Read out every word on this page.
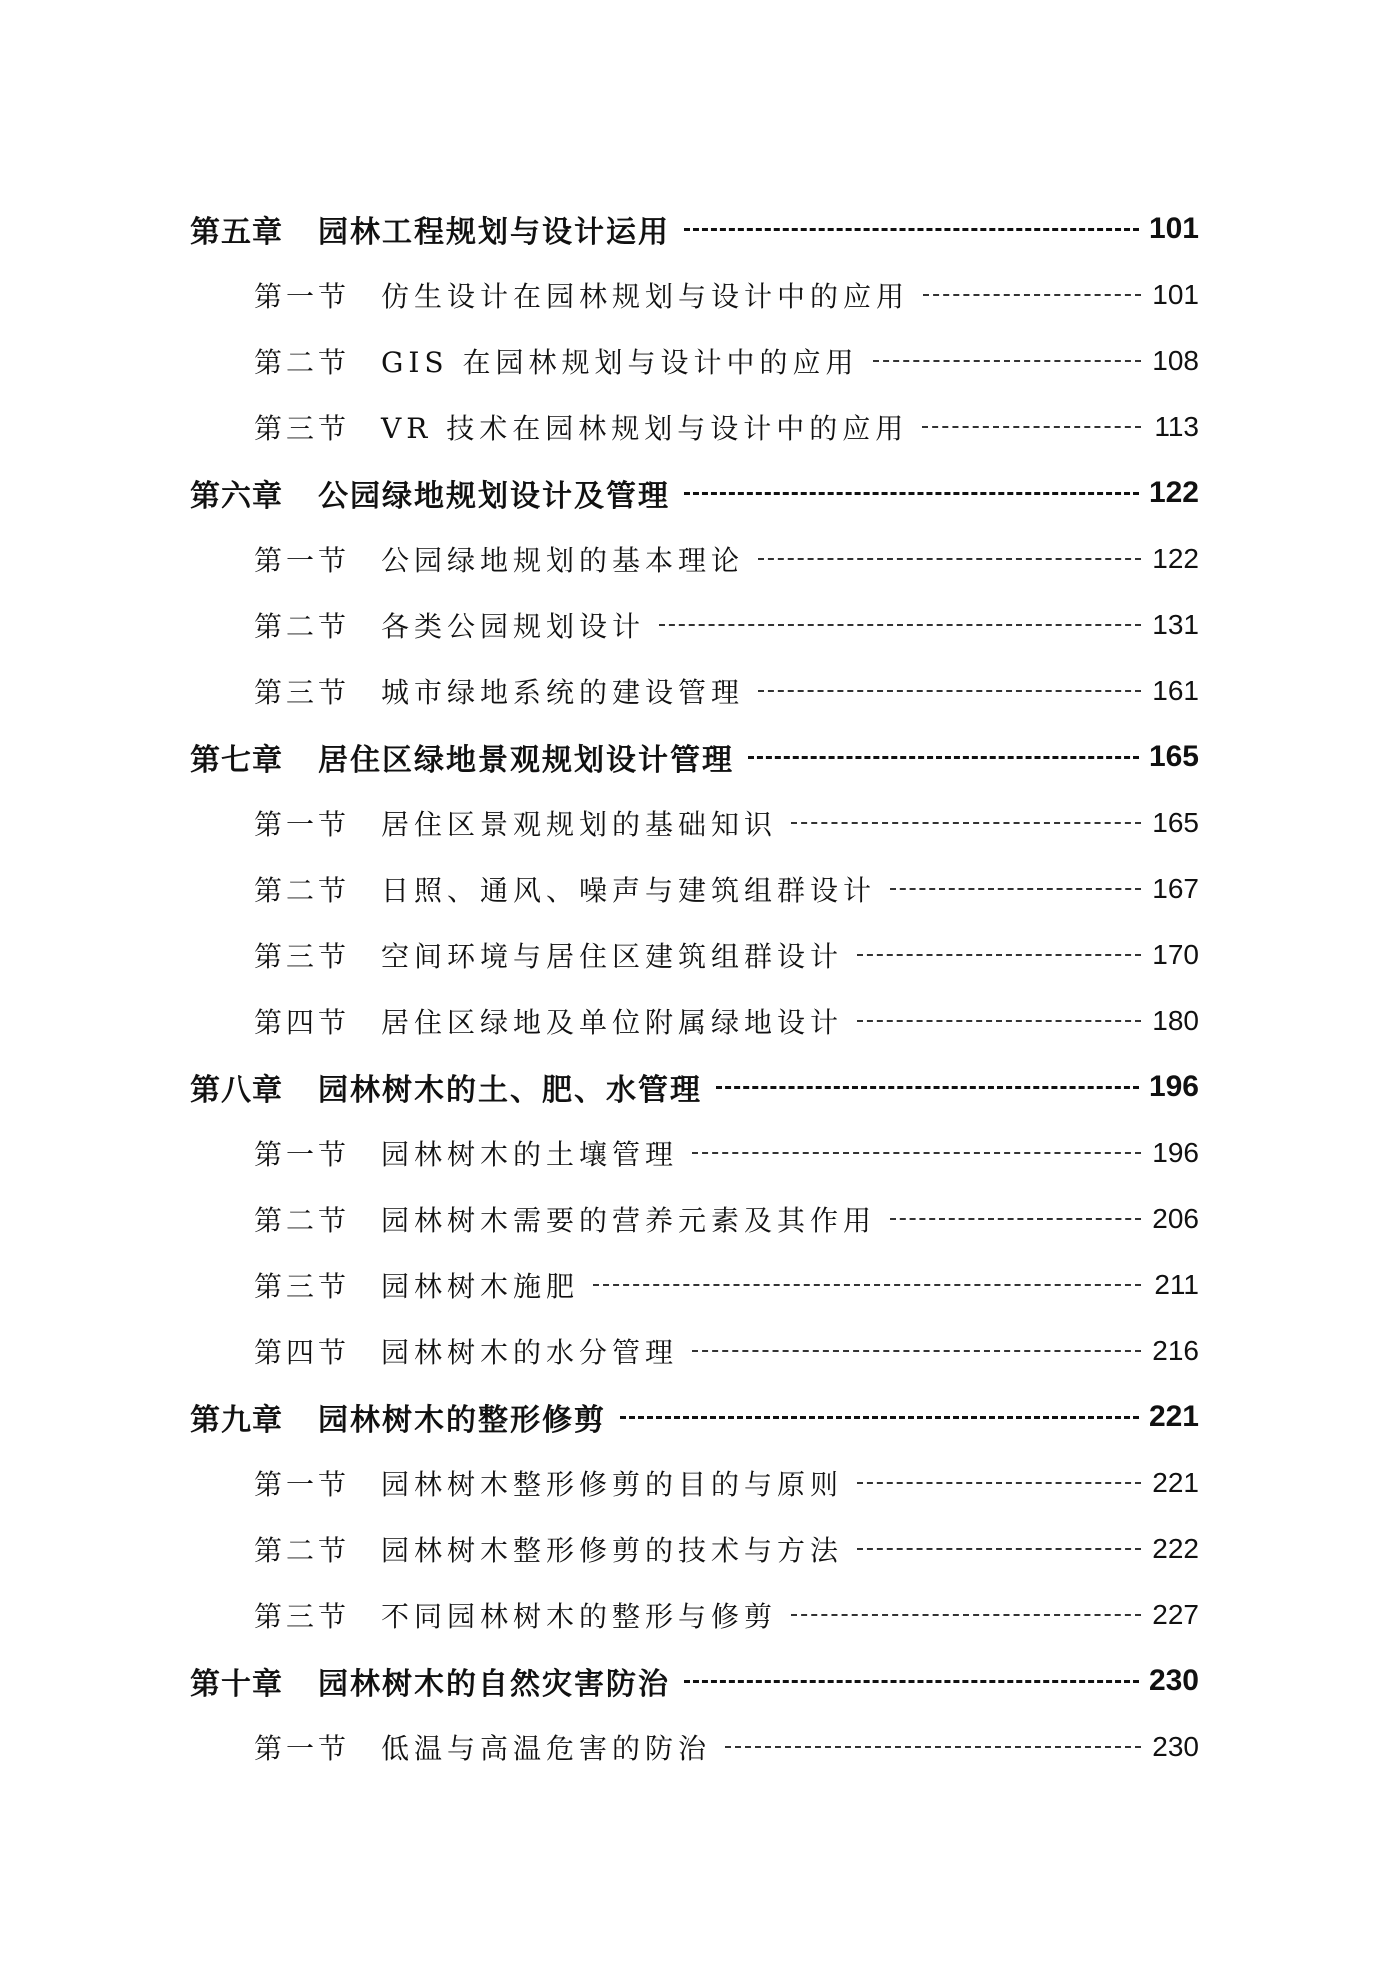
第五章	园林工程规划与设计运用	101
第一节	仿生设计在园林规划与设计中的应用	101
第二节	GIS 在园林规划与设计中的应用	108
第三节	VR 技术在园林规划与设计中的应用	113
第六章	公园绿地规划设计及管理	122
第一节	公园绿地规划的基本理论	122
第二节	各类公园规划设计	131
第三节	城市绿地系统的建设管理	161
第七章	居住区绿地景观规划设计管理	165
第一节	居住区景观规划的基础知识	165
第二节	日照、通风、噪声与建筑组群设计	167
第三节	空间环境与居住区建筑组群设计	170
第四节	居住区绿地及单位附属绿地设计	180
第八章	园林树木的土、肥、水管理	196
第一节	园林树木的土壤管理	196
第二节	园林树木需要的营养元素及其作用	206
第三节	园林树木施肥	211
第四节	园林树木的水分管理	216
第九章	园林树木的整形修剪	221
第一节	园林树木整形修剪的目的与原则	221
第二节	园林树木整形修剪的技术与方法	222
第三节	不同园林树木的整形与修剪	227
第十章	园林树木的自然灾害防治	230
第一节	低温与高温危害的防治	230
